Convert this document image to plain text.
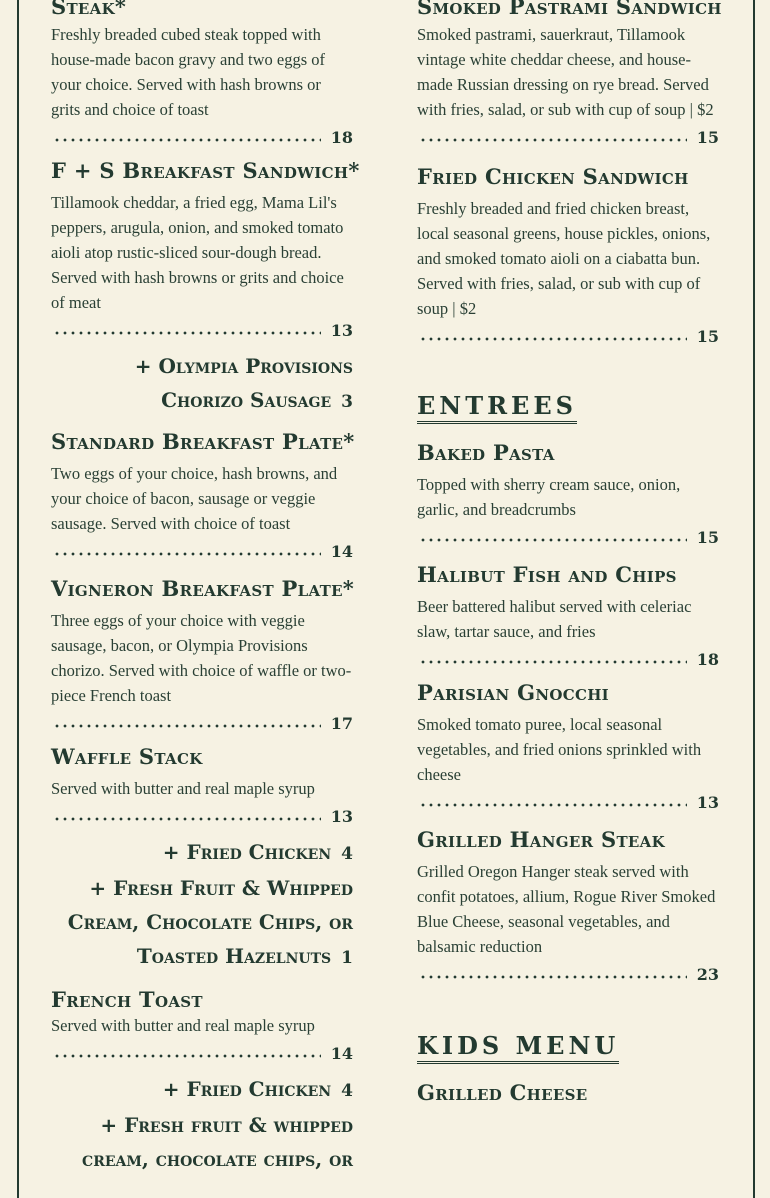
Steak*

Freshly breaded cubed steak topped with house-made bacon gravy and two eggs of your choice. Served with hash browns or grits and choice of toast

18

F + S Breakfast Sandwich*

Tillamook cheddar, a fried egg, Mama Lil's peppers, arugula, onion, and smoked tomato aioli atop rustic-sliced sour-dough bread. Served with hash browns or grits and choice of meat

13
+ Olympia Provisions
Chorizo Sausage 3

Standard Breakfast Plate*

Two eggs of your choice, hash browns, and your choice of bacon, sausage or veggie sausage. Served with choice of toast

14

Vigneron Breakfast Plate*

Three eggs of your choice with veggie sausage, bacon, or Olympia Provisions chorizo. Served with choice of waffle or two-piece French toast

17

Waffle Stack

Served with butter and real maple syrup

13
+ Fried Chicken 4
+ Fresh Fruit & Whipped
Cream, Chocolate Chips, or
Toasted Hazelnuts 1

French Toast

Served with butter and real maple syrup

14
+ Fried Chicken 4
+ Fresh fruit & whipped
cream, chocolate chips, or

Smoked Pastrami Sandwich

Smoked pastrami, sauerkraut, Tillamook vintage white cheddar cheese, and house-made Russian dressing on rye bread. Served with fries, salad, or sub with cup of soup | $2

15

Fried Chicken Sandwich

Freshly breaded and fried chicken breast, local seasonal greens, house pickles, onions, and smoked tomato aioli on a ciabatta bun. Served with fries, salad, or sub with cup of soup | $2

15
ENTREES

Baked Pasta

Topped with sherry cream sauce, onion, garlic, and breadcrumbs

15

Halibut Fish and Chips

Beer battered halibut served with celeriac slaw, tartar sauce, and fries

18

Parisian Gnocchi

Smoked tomato puree, local seasonal vegetables, and fried onions sprinkled with cheese

13

Grilled Hanger Steak

Grilled Oregon Hanger steak served with confit potatoes, allium, Rogue River Smoked Blue Cheese, seasonal vegetables, and balsamic reduction

23
KIDS MENU

Grilled Cheese
